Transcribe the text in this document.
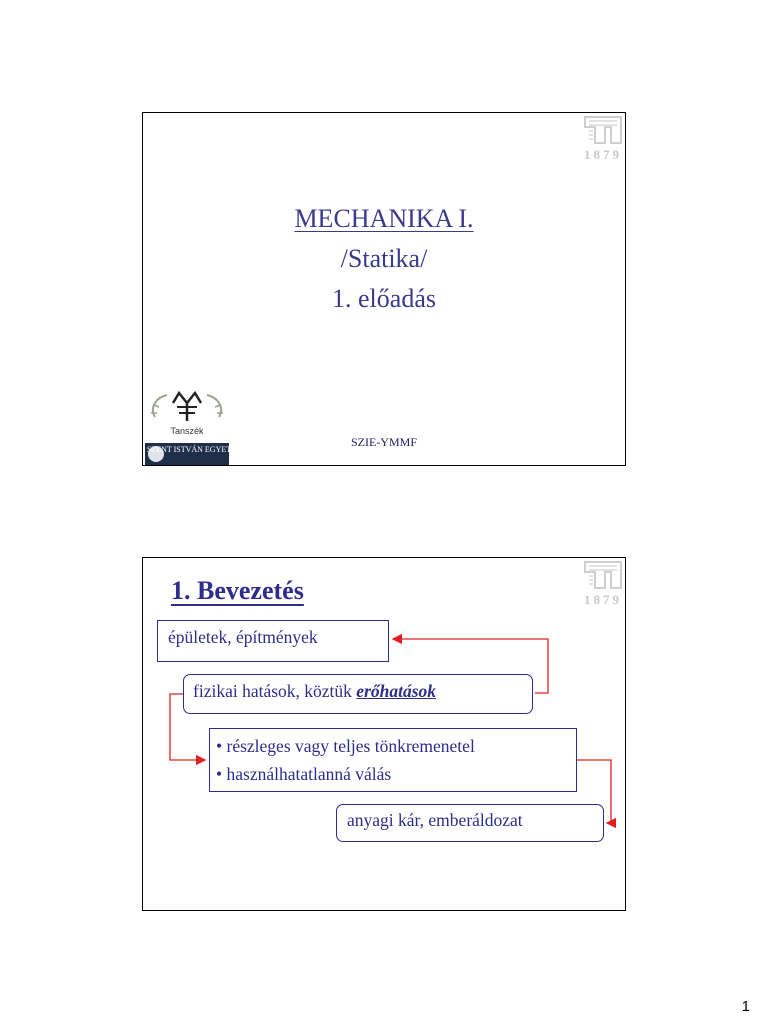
1879
MECHANIKA I.
/Statika/
1. előadás
Tanszék
SZENT ISTVÁN EGYETEM
SZIE-YMMF
1879
1. Bevezetés
épületek, építmények
fizikai hatások, köztük erőhatások
• részleges vagy teljes tönkremenetel
• használhatatlanná válás
anyagi kár, emberáldozat
1
